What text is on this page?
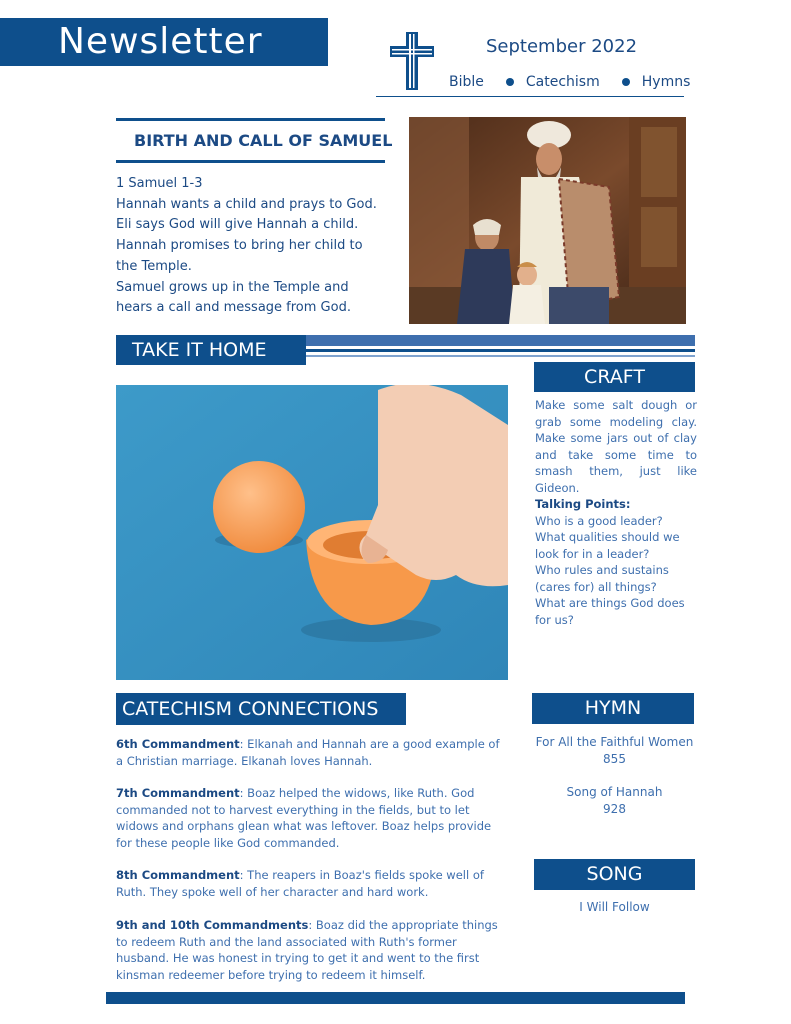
Newsletter	September 2022
Bible	Catechism	Hymns
BIRTH AND CALL OF SAMUEL
1 Samuel 1-3
Hannah wants a child and prays to God.
Eli says God will give Hannah a child.
Hannah promises to bring her child to
the Temple.
Samuel grows up in the Temple and
hears a call and message from God.
TAKE IT HOME
CRAFT
Make some salt dough or grab some modeling clay. Make some jars out of clay and take some time to smash them, just like Gideon.
Talking Points:
Who is a good leader?
What qualities should we look for in a leader?
Who rules and sustains (cares for) all things?
What are things God does for us?
CATECHISM CONNECTIONS
6th Commandment: Elkanah and Hannah are a good example of a Christian marriage. Elkanah loves Hannah.
7th Commandment: Boaz helped the widows, like Ruth. God commanded not to harvest everything in the fields, but to let widows and orphans glean what was leftover. Boaz helps provide for these people like God commanded.
8th Commandment: The reapers in Boaz's fields spoke well of Ruth. They spoke well of her character and hard work.
9th and 10th Commandments: Boaz did the appropriate things to redeem Ruth and the land associated with Ruth's former husband. He was honest in trying to get it and went to the first kinsman redeemer before trying to redeem it himself.
HYMN
For All the Faithful Women
855
Song of Hannah
928
SONG
I Will Follow
